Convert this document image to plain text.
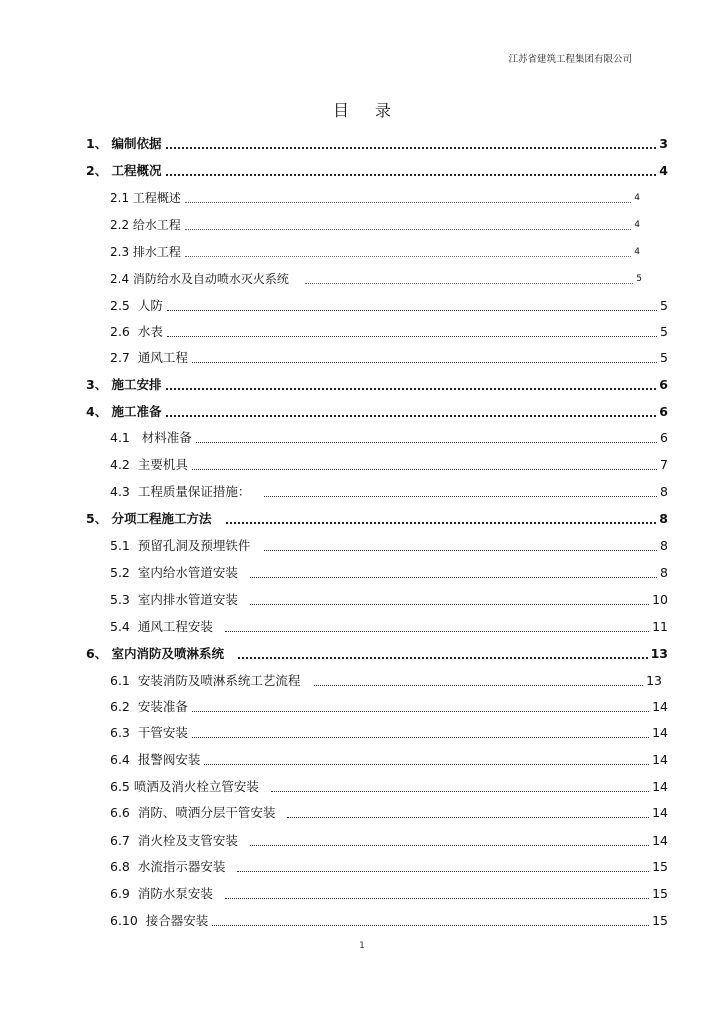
江苏省建筑工程集团有限公司
目录
1、 编制依据	3
2、 工程概况	4
2.1 工程概述	4
2.2 给水工程	4
2.3 排水工程	4
2.4 消防给水及自动喷水灭火系统	5
2.5  人防	5
2.6  水表	5
2.7  通风工程	5
3、 施工安排	6
4、 施工准备	6
4.1   材料准备	6
4.2  主要机具	7
4.3  工程质量保证措施：	8
5、 分项工程施工方法	8
5.1  预留孔洞及预埋铁件	8
5.2  室内给水管道安装	8
5.3  室内排水管道安装	10
5.4  通风工程安装	11
6、 室内消防及喷淋系统	13
6.1  安装消防及喷淋系统工艺流程	13
6.2  安装准备	14
6.3  干管安装	14
6.4  报警阀安装	14
6.5 喷洒及消火栓立管安装	14
6.6  消防、喷洒分层干管安装	14
6.7  消火栓及支管安装	14
6.8  水流指示器安装	15
6.9  消防水泵安装	15
6.10  接合器安装	15
1
